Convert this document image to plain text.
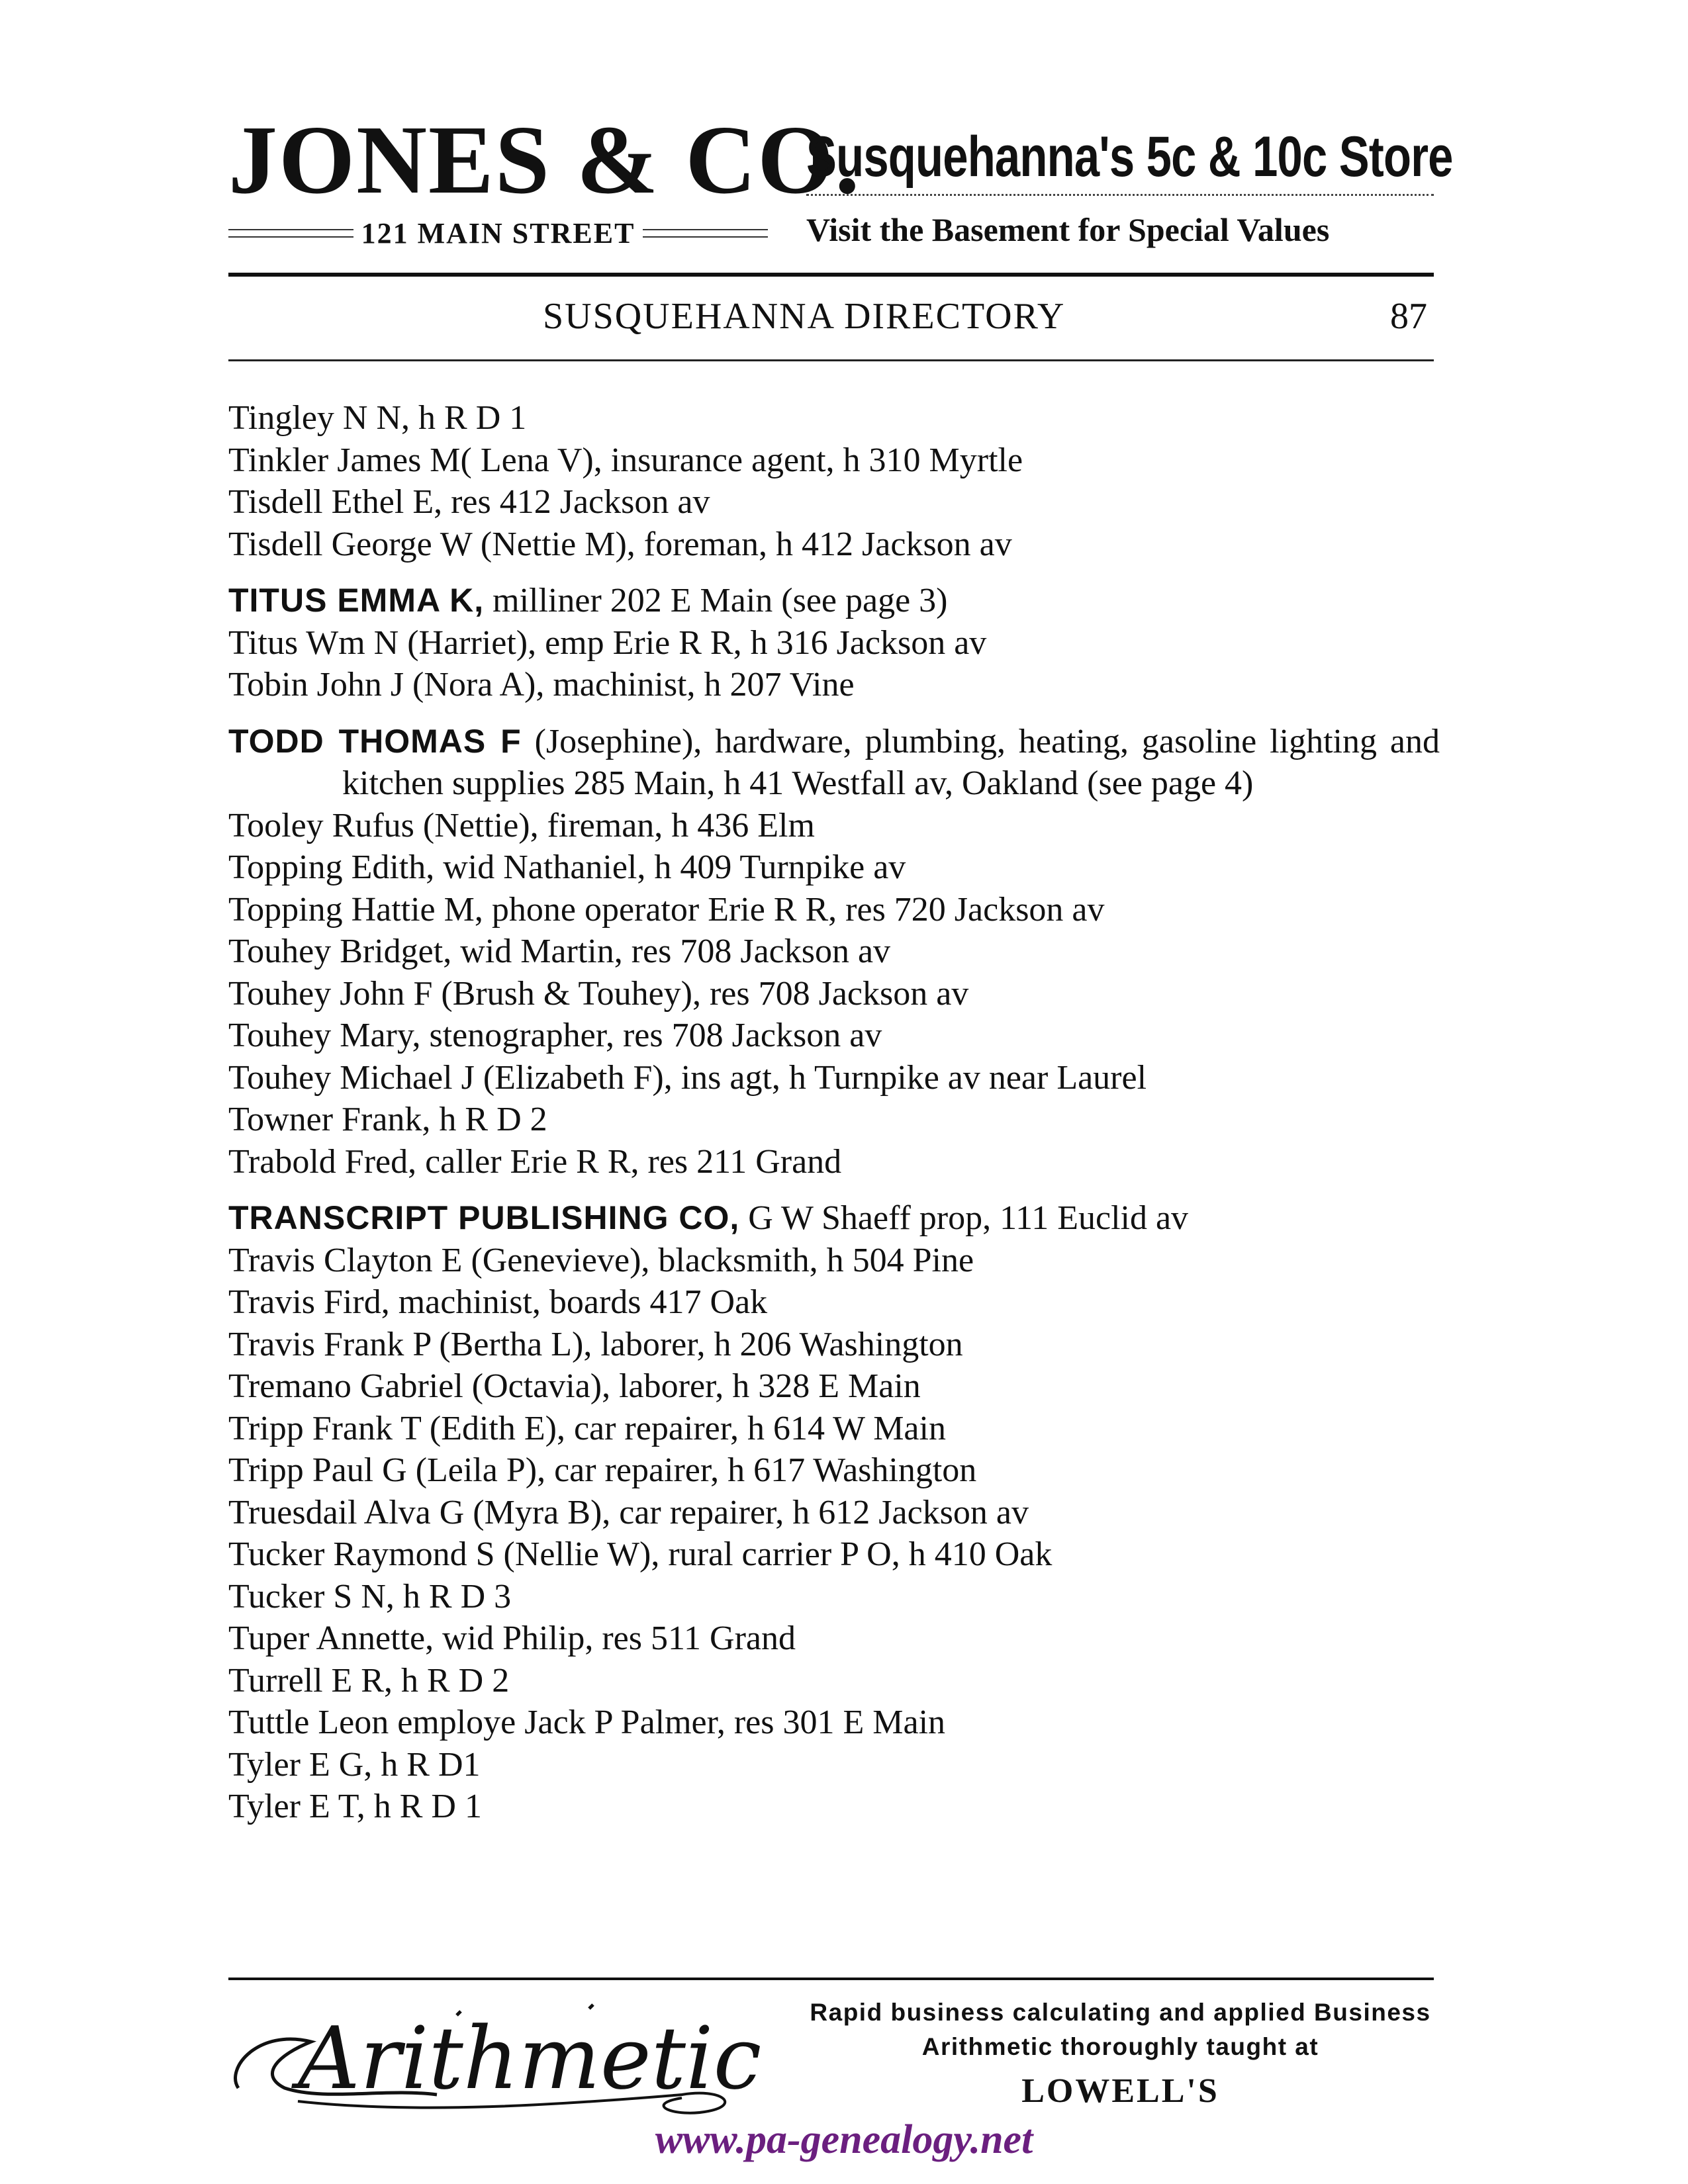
JONES & CO.
121 MAIN STREET
Susquehanna's 5c & 10c Store
Visit the Basement for Special Values
SUSQUEHANNA DIRECTORY	87
Tingley N N, h R D 1
Tinkler James M( Lena V), insurance agent, h 310 Myrtle
Tisdell Ethel E, res 412 Jackson av
Tisdell George W (Nettie M), foreman, h 412 Jackson av
TITUS EMMA K, milliner 202 E Main (see page 3)
Titus Wm N (Harriet), emp Erie R R, h 316 Jackson av
Tobin John J (Nora A), machinist, h 207 Vine
TODD THOMAS F (Josephine), hardware, plumbing, heating, gasoline lighting and kitchen supplies 285 Main, h 41 Westfall av, Oakland (see page 4)
Tooley Rufus (Nettie), fireman, h 436 Elm
Topping Edith, wid Nathaniel, h 409 Turnpike av
Topping Hattie M, phone operator Erie R R, res 720 Jackson av
Touhey Bridget, wid Martin, res 708 Jackson av
Touhey John F (Brush & Touhey), res 708 Jackson av
Touhey Mary, stenographer, res 708 Jackson av
Touhey Michael J (Elizabeth F), ins agt, h Turnpike av near Laurel
Towner Frank, h R D 2
Trabold Fred, caller Erie R R, res 211 Grand
TRANSCRIPT PUBLISHING CO, G W Shaeff prop, 111 Euclid av
Travis Clayton E (Genevieve), blacksmith, h 504 Pine
Travis Fird, machinist, boards 417 Oak
Travis Frank P (Bertha L), laborer, h 206 Washington
Tremano Gabriel (Octavia), laborer, h 328 E Main
Tripp Frank T (Edith E), car repairer, h 614 W Main
Tripp Paul G (Leila P), car repairer, h 617 Washington
Truesdail Alva G (Myra B), car repairer, h 612 Jackson av
Tucker Raymond S (Nellie W), rural carrier P O, h 410 Oak
Tucker S N, h R D 3
Tuper Annette, wid Philip, res 511 Grand
Turrell E R, h R D 2
Tuttle Leon employe Jack P Palmer, res 301 E Main
Tyler E G, h R D1
Tyler E T, h R D 1
Arithmetic Rapid business calculating and applied Business Arithmetic thoroughly taught at
LOWELL'S
www.pa-genealogy.net
